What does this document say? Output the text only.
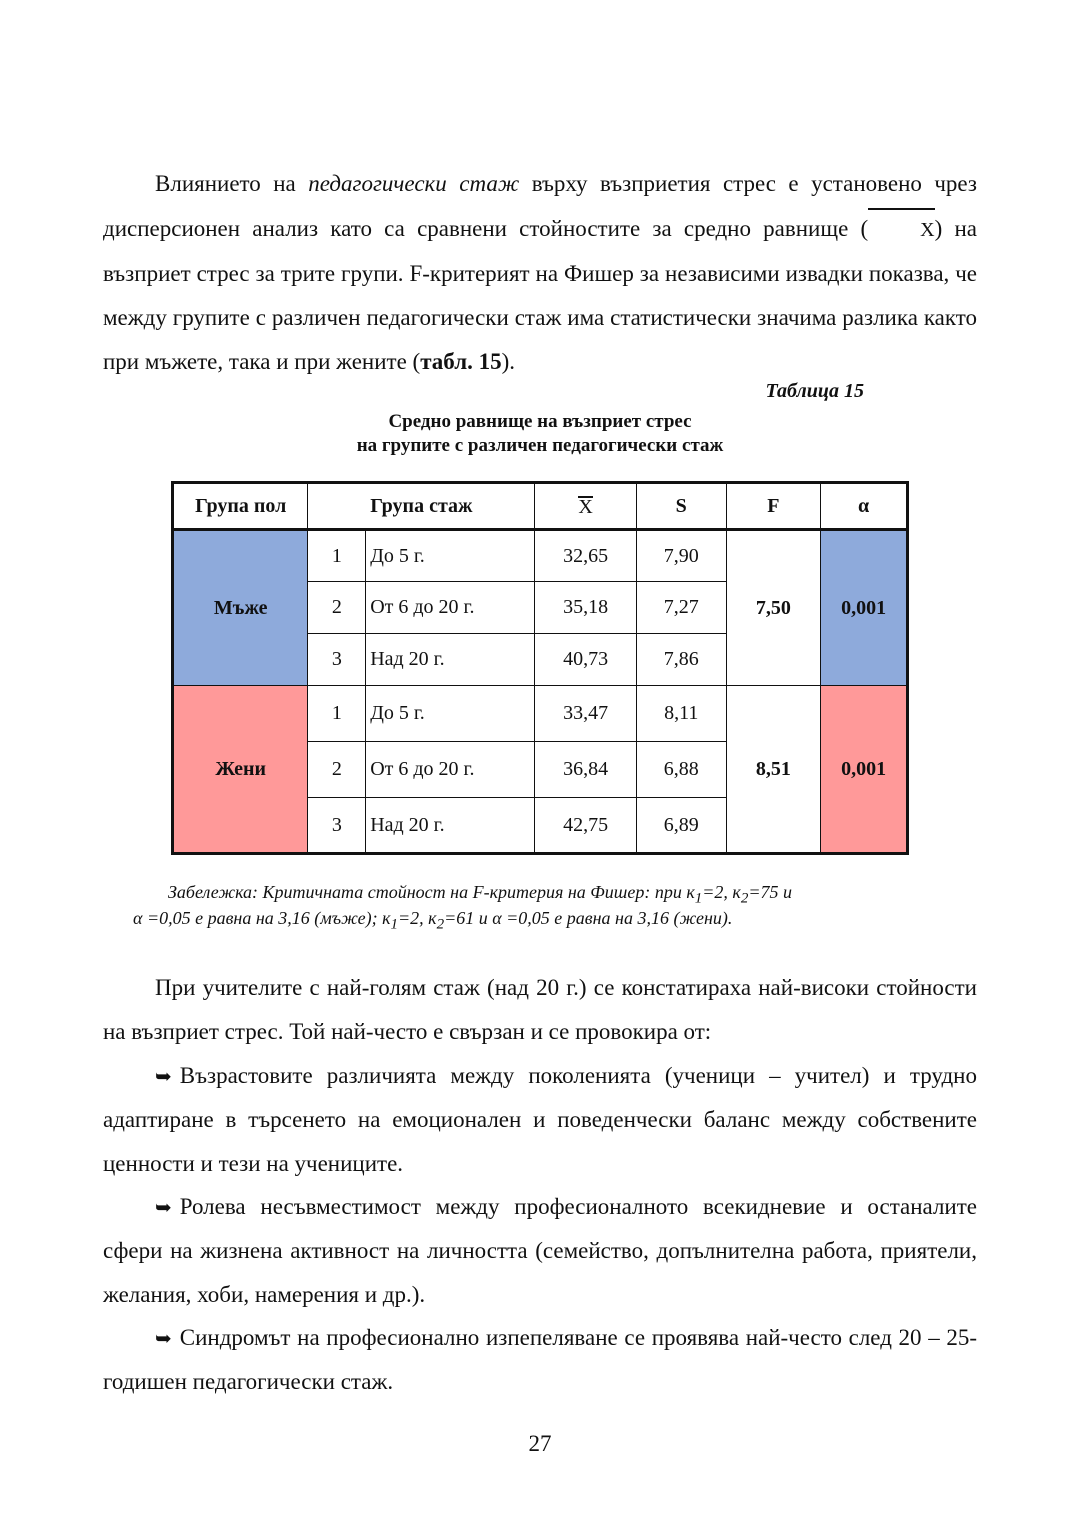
Влиянието на педагогически стаж върху възприетия стрес е установено чрез дисперсионен анализ като са сравнени стойностите за средно равнище (	X) на възприет стрес за трите групи. F-критерият на Фишер за независими извадки показва, че между групите с различен педагогически стаж има статистически значима разлика както при мъжете, така и при жените (табл. 15).

Таблица 15
Средно равнище на възприет стрес
на групите с различен педагогически стаж
Група пол	Група стаж		X	S	F	α
Мъже	1	До 5 г.	32,65	7,90	7,50	0,001
	2	От 6 до 20 г.	35,18	7,27		
	3	Над 20 г.	40,73	7,86		
Жени	1	До 5 г.	33,47	8,11	8,51	0,001
	2	От 6 до 20 г.	36,84	6,88		
	3	Над 20 г.	42,75	6,89		
Забележка: Критичната стойност на F-критерия на Фишер: при $к_1=2$, $к_2=75$ и
α =0,05 е равна на 3,16 (мъже); $к_1=2$, $к_2=61$ и α =0,05 е равна на 3,16 (жени).

При учителите с най-голям стаж (над 20 г.) се констатираха най-високи стойности на възприет стрес. Той най-често е свързан и се провокира от:

➥ Възрастовите различията между поколенията (ученици – учител) и трудно адаптиране в търсенето на емоционален и поведенчески баланс между собствените ценности и тези на учениците.

➥ Ролева несъвместимост между професионалното всекидневие и останалите сфери на жизнена активност на личността (семейство, допълнителна работа, приятели, желания, хоби, намерения и др.).

➥ Синдромът на професионално изпепеляване се проявява най-често след 20 – 25-годишен педагогически стаж.

27
